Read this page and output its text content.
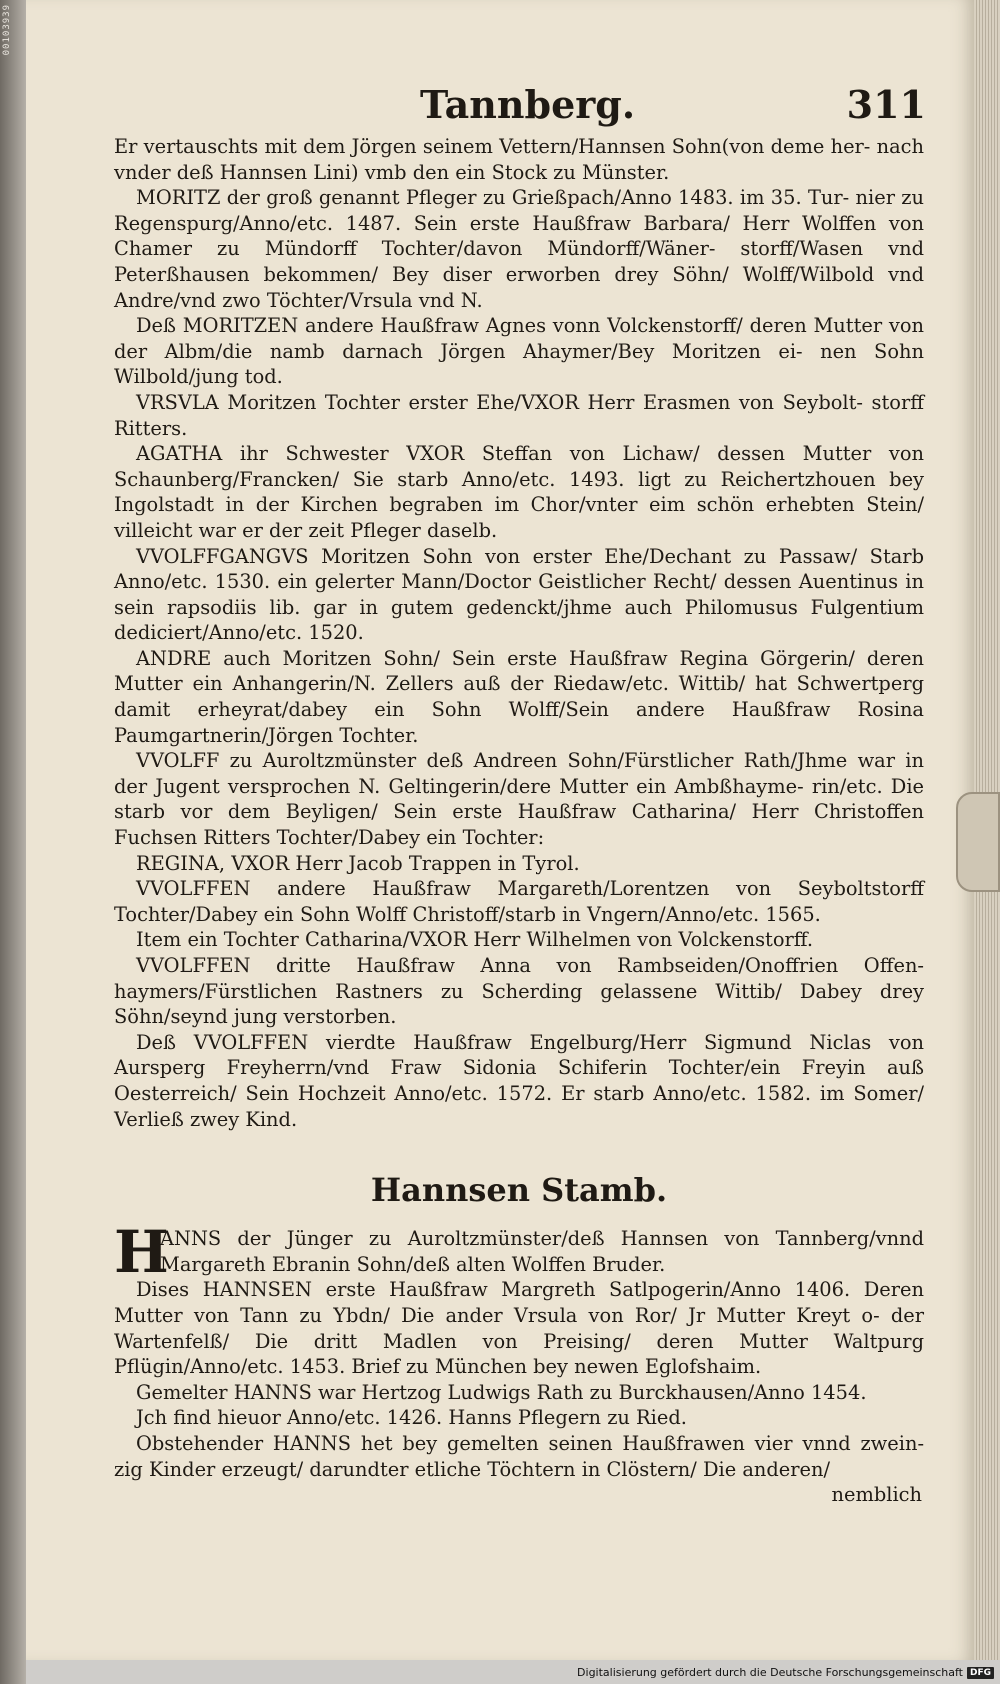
00103939
Tannberg.	311

Er vertauschts mit dem Jörgen seinem Vettern/Hannsen Sohn(von deme her- nach vnder deß Hannsen Lini) vmb den ein Stock zu Münster.

MORITZ der groß genannt Pfleger zu Grießpach/Anno 1483. im 35. Tur- nier zu Regenspurg/Anno/etc. 1487. Sein erste Haußfraw Barbara/ Herr Wolffen von Chamer zu Mündorff Tochter/davon Mündorff/Wäner- storff/Wasen vnd Peterßhausen bekommen/ Bey diser erworben drey Söhn/ Wolff/Wilbold vnd Andre/vnd zwo Töchter/Vrsula vnd N.

Deß MORITZEN andere Haußfraw Agnes vonn Volckenstorff/ deren Mutter von der Albm/die namb darnach Jörgen Ahaymer/Bey Moritzen ei- nen Sohn Wilbold/jung tod.

VRSVLA Moritzen Tochter erster Ehe/VXOR Herr Erasmen von Seybolt- storff Ritters.

AGATHA ihr Schwester VXOR Steffan von Lichaw/ dessen Mutter von Schaunberg/Francken/ Sie starb Anno/etc. 1493. ligt zu Reichertzhouen bey Ingolstadt in der Kirchen begraben im Chor/vnter eim schön erhebten Stein/ villeicht war er der zeit Pfleger daselb.

VVOLFFGANGVS Moritzen Sohn von erster Ehe/Dechant zu Passaw/ Starb Anno/etc. 1530. ein gelerter Mann/Doctor Geistlicher Recht/ dessen Auentinus in sein rapsodiis lib. gar in gutem gedenckt/jhme auch Philomusus Fulgentium dediciert/Anno/etc. 1520.

ANDRE auch Moritzen Sohn/ Sein erste Haußfraw Regina Görgerin/ deren Mutter ein Anhangerin/N. Zellers auß der Riedaw/etc. Wittib/ hat Schwertperg damit erheyrat/dabey ein Sohn Wolff/Sein andere Haußfraw Rosina Paumgartnerin/Jörgen Tochter.

VVOLFF zu Auroltzmünster deß Andreen Sohn/Fürstlicher Rath/Jhme war in der Jugent versprochen N. Geltingerin/dere Mutter ein Ambßhayme- rin/etc. Die starb vor dem Beyligen/ Sein erste Haußfraw Catharina/ Herr Christoffen Fuchsen Ritters Tochter/Dabey ein Tochter:

REGINA, VXOR Herr Jacob Trappen in Tyrol.

VVOLFFEN andere Haußfraw Margareth/Lorentzen von Seyboltstorff Tochter/Dabey ein Sohn Wolff Christoff/starb in Vngern/Anno/etc. 1565.

Item ein Tochter Catharina/VXOR Herr Wilhelmen von Volckenstorff.

VVOLFFEN dritte Haußfraw Anna von Rambseiden/Onoffrien Offen- haymers/Fürstlichen Rastners zu Scherding gelassene Wittib/ Dabey drey Söhn/seynd jung verstorben.

Deß VVOLFFEN vierdte Haußfraw Engelburg/Herr Sigmund Niclas von Aursperg Freyherrn/vnd Fraw Sidonia Schiferin Tochter/ein Freyin auß Oesterreich/ Sein Hochzeit Anno/etc. 1572. Er starb Anno/etc. 1582. im Somer/ Verließ zwey Kind.

Hannsen Stamb.

H
ANNS der Jünger zu Auroltzmünster/deß Hannsen von Tannberg/vnnd Margareth Ebranin Sohn/deß alten Wolffen Bruder.

Dises HANNSEN erste Haußfraw Margreth Satlpogerin/Anno 1406. Deren Mutter von Tann zu Ybdn/ Die ander Vrsula von Ror/ Jr Mutter Kreyt o- der Wartenfelß/ Die dritt Madlen von Preising/ deren Mutter Waltpurg Pflügin/Anno/etc. 1453. Brief zu München bey newen Eglofshaim.

Gemelter HANNS war Hertzog Ludwigs Rath zu Burckhausen/Anno 1454.

Jch find hieuor Anno/etc. 1426. Hanns Pflegern zu Ried.

Obstehender HANNS het bey gemelten seinen Haußfrawen vier vnnd zwein- zig Kinder erzeugt/ darundter etliche Töchtern in Clöstern/ Die anderen/

nemblich

Digitalisierung gefördert durch die Deutsche Forschungsgemeinschaft DFG
